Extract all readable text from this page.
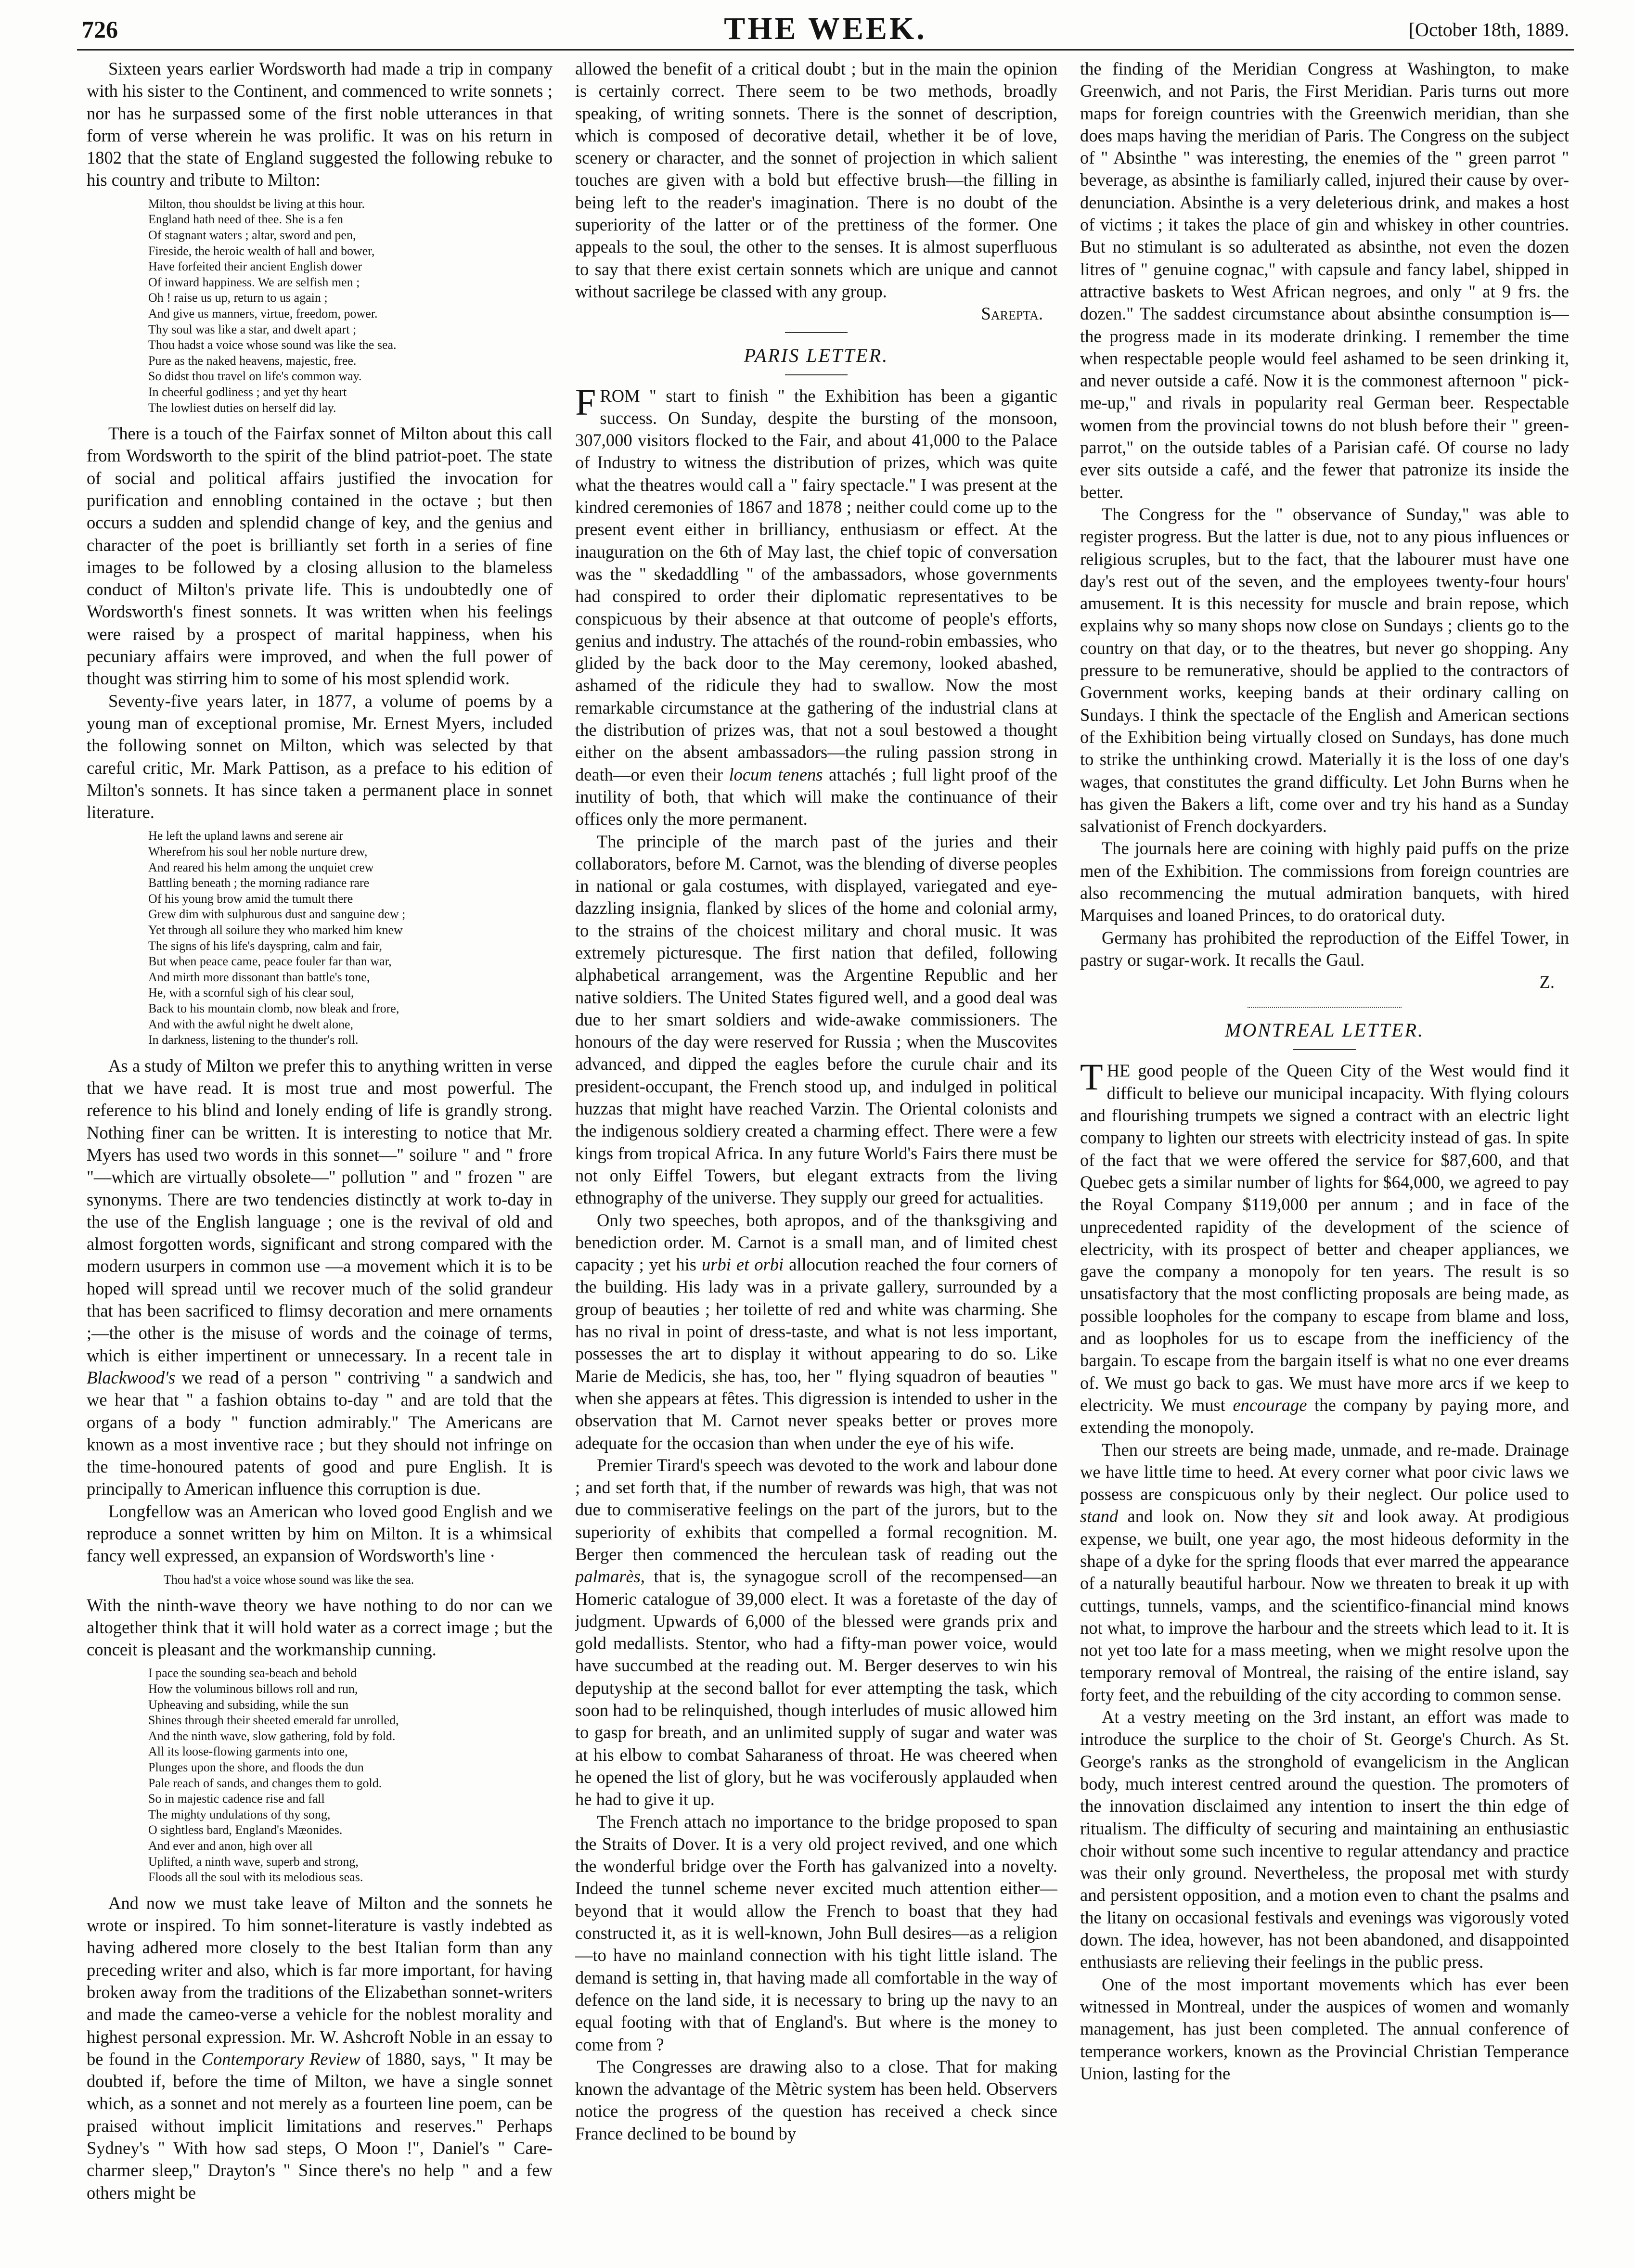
726	THE WEEK.	[October 18th, 1889.

Sixteen years earlier Wordsworth had made a trip in company with his sister to the Continent, and commenced to write sonnets ; nor has he surpassed some of the first noble utterances in that form of verse wherein he was prolific. It was on his return in 1802 that the state of England suggested the following rebuke to his country and tribute to Milton:

Milton, thou shouldst be living at this hour.
England hath need of thee. She is a fen
Of stagnant waters ; altar, sword and pen,
Fireside, the heroic wealth of hall and bower,
Have forfeited their ancient English dower
Of inward happiness. We are selfish men ;
Oh ! raise us up, return to us again ;
And give us manners, virtue, freedom, power.
Thy soul was like a star, and dwelt apart ;
Thou hadst a voice whose sound was like the sea.
Pure as the naked heavens, majestic, free.
So didst thou travel on life's common way.
In cheerful godliness ; and yet thy heart
The lowliest duties on herself did lay.

There is a touch of the Fairfax sonnet of Milton about this call from Wordsworth to the spirit of the blind patriot-poet. The state of social and political affairs justified the invocation for purification and ennobling contained in the octave ; but then occurs a sudden and splendid change of key, and the genius and character of the poet is brilliantly set forth in a series of fine images to be followed by a closing allusion to the blameless conduct of Milton's private life. This is undoubtedly one of Wordsworth's finest sonnets. It was written when his feelings were raised by a prospect of marital happiness, when his pecuniary affairs were improved, and when the full power of thought was stirring him to some of his most splendid work.

Seventy-five years later, in 1877, a volume of poems by a young man of exceptional promise, Mr. Ernest Myers, included the following sonnet on Milton, which was selected by that careful critic, Mr. Mark Pattison, as a preface to his edition of Milton's sonnets. It has since taken a permanent place in sonnet literature.

He left the upland lawns and serene air
Wherefrom his soul her noble nurture drew,
And reared his helm among the unquiet crew
Battling beneath ; the morning radiance rare
Of his young brow amid the tumult there
Grew dim with sulphurous dust and sanguine dew ;
Yet through all soilure they who marked him knew
The signs of his life's dayspring, calm and fair,
But when peace came, peace fouler far than war,
And mirth more dissonant than battle's tone,
He, with a scornful sigh of his clear soul,
Back to his mountain clomb, now bleak and frore,
And with the awful night he dwelt alone,
In darkness, listening to the thunder's roll.

As a study of Milton we prefer this to anything written in verse that we have read. It is most true and most powerful. The reference to his blind and lonely ending of life is grandly strong. Nothing finer can be written. It is interesting to notice that Mr. Myers has used two words in this sonnet—" soilure " and " frore "—which are virtually obsolete—" pollution " and " frozen " are synonyms. There are two tendencies distinctly at work to-day in the use of the English language ; one is the revival of old and almost forgotten words, significant and strong compared with the modern usurpers in common use —a movement which it is to be hoped will spread until we recover much of the solid grandeur that has been sacrificed to flimsy decoration and mere ornaments ;—the other is the misuse of words and the coinage of terms, which is either impertinent or unnecessary. In a recent tale in Blackwood's we read of a person " contriving " a sandwich and we hear that " a fashion obtains to-day " and are told that the organs of a body " function admirably." The Americans are known as a most inventive race ; but they should not infringe on the time-honoured patents of good and pure English. It is principally to American influence this corruption is due.

Longfellow was an American who loved good English and we reproduce a sonnet written by him on Milton. It is a whimsical fancy well expressed, an expansion of Wordsworth's line ·

Thou had'st a voice whose sound was like the sea.

With the ninth-wave theory we have nothing to do nor can we altogether think that it will hold water as a correct image ; but the conceit is pleasant and the workmanship cunning.

I pace the sounding sea-beach and behold
How the voluminous billows roll and run,
Upheaving and subsiding, while the sun
Shines through their sheeted emerald far unrolled,
And the ninth wave, slow gathering, fold by fold.
All its loose-flowing garments into one,
Plunges upon the shore, and floods the dun
Pale reach of sands, and changes them to gold.
So in majestic cadence rise and fall
The mighty undulations of thy song,
O sightless bard, England's Mæonides.
And ever and anon, high over all
Uplifted, a ninth wave, superb and strong,
Floods all the soul with its melodious seas.

And now we must take leave of Milton and the sonnets he wrote or inspired. To him sonnet-literature is vastly indebted as having adhered more closely to the best Italian form than any preceding writer and also, which is far more important, for having broken away from the traditions of the Elizabethan sonnet-writers and made the cameo-verse a vehicle for the noblest morality and highest personal expression. Mr. W. Ashcroft Noble in an essay to be found in the Contemporary Review of 1880, says, " It may be doubted if, before the time of Milton, we have a single sonnet which, as a sonnet and not merely as a fourteen line poem, can be praised without implicit limitations and reserves." Perhaps Sydney's " With how sad steps, O Moon !", Daniel's " Care-charmer sleep," Drayton's " Since there's no help " and a few others might be

allowed the benefit of a critical doubt ; but in the main the opinion is certainly correct. There seem to be two methods, broadly speaking, of writing sonnets. There is the sonnet of description, which is composed of decorative detail, whether it be of love, scenery or character, and the sonnet of projection in which salient touches are given with a bold but effective brush—the filling in being left to the reader's imagination. There is no doubt of the superiority of the latter or of the prettiness of the former. One appeals to the soul, the other to the senses. It is almost superfluous to say that there exist certain sonnets which are unique and cannot without sacrilege be classed with any group.

Sarepta.
PARIS LETTER.

FROM " start to finish " the Exhibition has been a gigantic success. On Sunday, despite the bursting of the monsoon, 307,000 visitors flocked to the Fair, and about 41,000 to the Palace of Industry to witness the distribution of prizes, which was quite what the theatres would call a " fairy spectacle." I was present at the kindred ceremonies of 1867 and 1878 ; neither could come up to the present event either in brilliancy, enthusiasm or effect. At the inauguration on the 6th of May last, the chief topic of conversation was the " skedaddling " of the ambassadors, whose governments had conspired to order their diplomatic representatives to be conspicuous by their absence at that outcome of people's efforts, genius and industry. The attachés of the round-robin embassies, who glided by the back door to the May ceremony, looked abashed, ashamed of the ridicule they had to swallow. Now the most remarkable circumstance at the gathering of the industrial clans at the distribution of prizes was, that not a soul bestowed a thought either on the absent ambassadors—the ruling passion strong in death—or even their locum tenens attachés ; full light proof of the inutility of both, that which will make the continuance of their offices only the more permanent.

The principle of the march past of the juries and their collaborators, before M. Carnot, was the blending of diverse peoples in national or gala costumes, with displayed, variegated and eye-dazzling insignia, flanked by slices of the home and colonial army, to the strains of the choicest military and choral music. It was extremely picturesque. The first nation that defiled, following alphabetical arrangement, was the Argentine Republic and her native soldiers. The United States figured well, and a good deal was due to her smart soldiers and wide-awake commissioners. The honours of the day were reserved for Russia ; when the Muscovites advanced, and dipped the eagles before the curule chair and its president-occupant, the French stood up, and indulged in political huzzas that might have reached Varzin. The Oriental colonists and the indigenous soldiery created a charming effect. There were a few kings from tropical Africa. In any future World's Fairs there must be not only Eiffel Towers, but elegant extracts from the living ethnography of the universe. They supply our greed for actualities.

Only two speeches, both apropos, and of the thanksgiving and benediction order. M. Carnot is a small man, and of limited chest capacity ; yet his urbi et orbi allocution reached the four corners of the building. His lady was in a private gallery, surrounded by a group of beauties ; her toilette of red and white was charming. She has no rival in point of dress-taste, and what is not less important, possesses the art to display it without appearing to do so. Like Marie de Medicis, she has, too, her " flying squadron of beauties " when she appears at fêtes. This digression is intended to usher in the observation that M. Carnot never speaks better or proves more adequate for the occasion than when under the eye of his wife.

Premier Tirard's speech was devoted to the work and labour done ; and set forth that, if the number of rewards was high, that was not due to commiserative feelings on the part of the jurors, but to the superiority of exhibits that compelled a formal recognition. M. Berger then commenced the herculean task of reading out the palmarès, that is, the synagogue scroll of the recompensed—an Homeric catalogue of 39,000 elect. It was a foretaste of the day of judgment. Upwards of 6,000 of the blessed were grands prix and gold medallists. Stentor, who had a fifty-man power voice, would have succumbed at the reading out. M. Berger deserves to win his deputyship at the second ballot for ever attempting the task, which soon had to be relinquished, though interludes of music allowed him to gasp for breath, and an unlimited supply of sugar and water was at his elbow to combat Saharaness of throat. He was cheered when he opened the list of glory, but he was vociferously applauded when he had to give it up.

The French attach no importance to the bridge proposed to span the Straits of Dover. It is a very old project revived, and one which the wonderful bridge over the Forth has galvanized into a novelty. Indeed the tunnel scheme never excited much attention either—beyond that it would allow the French to boast that they had constructed it, as it is well-known, John Bull desires—as a religion—to have no mainland connection with his tight little island. The demand is setting in, that having made all comfortable in the way of defence on the land side, it is necessary to bring up the navy to an equal footing with that of England's. But where is the money to come from ?

The Congresses are drawing also to a close. That for making known the advantage of the Mètric system has been held. Observers notice the progress of the question has received a check since France declined to be bound by

the finding of the Meridian Congress at Washington, to make Greenwich, and not Paris, the First Meridian. Paris turns out more maps for foreign countries with the Greenwich meridian, than she does maps having the meridian of Paris. The Congress on the subject of " Absinthe " was interesting, the enemies of the " green parrot " beverage, as absinthe is familiarly called, injured their cause by over-denunciation. Absinthe is a very deleterious drink, and makes a host of victims ; it takes the place of gin and whiskey in other countries. But no stimulant is so adulterated as absinthe, not even the dozen litres of " genuine cognac," with capsule and fancy label, shipped in attractive baskets to West African negroes, and only " at 9 frs. the dozen." The saddest circumstance about absinthe consumption is—the progress made in its moderate drinking. I remember the time when respectable people would feel ashamed to be seen drinking it, and never outside a café. Now it is the commonest afternoon " pick-me-up," and rivals in popularity real German beer. Respectable women from the provincial towns do not blush before their " green-parrot," on the outside tables of a Parisian café. Of course no lady ever sits outside a café, and the fewer that patronize its inside the better.

The Congress for the " observance of Sunday," was able to register progress. But the latter is due, not to any pious influences or religious scruples, but to the fact, that the labourer must have one day's rest out of the seven, and the employees twenty-four hours' amusement. It is this necessity for muscle and brain repose, which explains why so many shops now close on Sundays ; clients go to the country on that day, or to the theatres, but never go shopping. Any pressure to be remunerative, should be applied to the contractors of Government works, keeping bands at their ordinary calling on Sundays. I think the spectacle of the English and American sections of the Exhibition being virtually closed on Sundays, has done much to strike the unthinking crowd. Materially it is the loss of one day's wages, that constitutes the grand difficulty. Let John Burns when he has given the Bakers a lift, come over and try his hand as a Sunday salvationist of French dockyarders.

The journals here are coining with highly paid puffs on the prize men of the Exhibition. The commissions from foreign countries are also recommencing the mutual admiration banquets, with hired Marquises and loaned Princes, to do oratorical duty.

Germany has prohibited the reproduction of the Eiffel Tower, in pastry or sugar-work. It recalls the Gaul.

Z.
MONTREAL LETTER.

THE good people of the Queen City of the West would find it difficult to believe our municipal incapacity. With flying colours and flourishing trumpets we signed a contract with an electric light company to lighten our streets with electricity instead of gas. In spite of the fact that we were offered the service for $87,600, and that Quebec gets a similar number of lights for $64,000, we agreed to pay the Royal Company $119,000 per annum ; and in face of the unprecedented rapidity of the development of the science of electricity, with its prospect of better and cheaper appliances, we gave the company a monopoly for ten years. The result is so unsatisfactory that the most conflicting proposals are being made, as possible loopholes for the company to escape from blame and loss, and as loopholes for us to escape from the inefficiency of the bargain. To escape from the bargain itself is what no one ever dreams of. We must go back to gas. We must have more arcs if we keep to electricity. We must encourage the company by paying more, and extending the monopoly.

Then our streets are being made, unmade, and re-made. Drainage we have little time to heed. At every corner what poor civic laws we possess are conspicuous only by their neglect. Our police used to stand and look on. Now they sit and look away. At prodigious expense, we built, one year ago, the most hideous deformity in the shape of a dyke for the spring floods that ever marred the appearance of a naturally beautiful harbour. Now we threaten to break it up with cuttings, tunnels, vamps, and the scientifico-financial mind knows not what, to improve the harbour and the streets which lead to it. It is not yet too late for a mass meeting, when we might resolve upon the temporary removal of Montreal, the raising of the entire island, say forty feet, and the rebuilding of the city according to common sense.

At a vestry meeting on the 3rd instant, an effort was made to introduce the surplice to the choir of St. George's Church. As St. George's ranks as the stronghold of evangelicism in the Anglican body, much interest centred around the question. The promoters of the innovation disclaimed any intention to insert the thin edge of ritualism. The difficulty of securing and maintaining an enthusiastic choir without some such incentive to regular attendancy and practice was their only ground. Nevertheless, the proposal met with sturdy and persistent opposition, and a motion even to chant the psalms and the litany on occasional festivals and evenings was vigorously voted down. The idea, however, has not been abandoned, and disappointed enthusiasts are relieving their feelings in the public press.

One of the most important movements which has ever been witnessed in Montreal, under the auspices of women and womanly management, has just been completed. The annual conference of temperance workers, known as the Provincial Christian Temperance Union, lasting for the
